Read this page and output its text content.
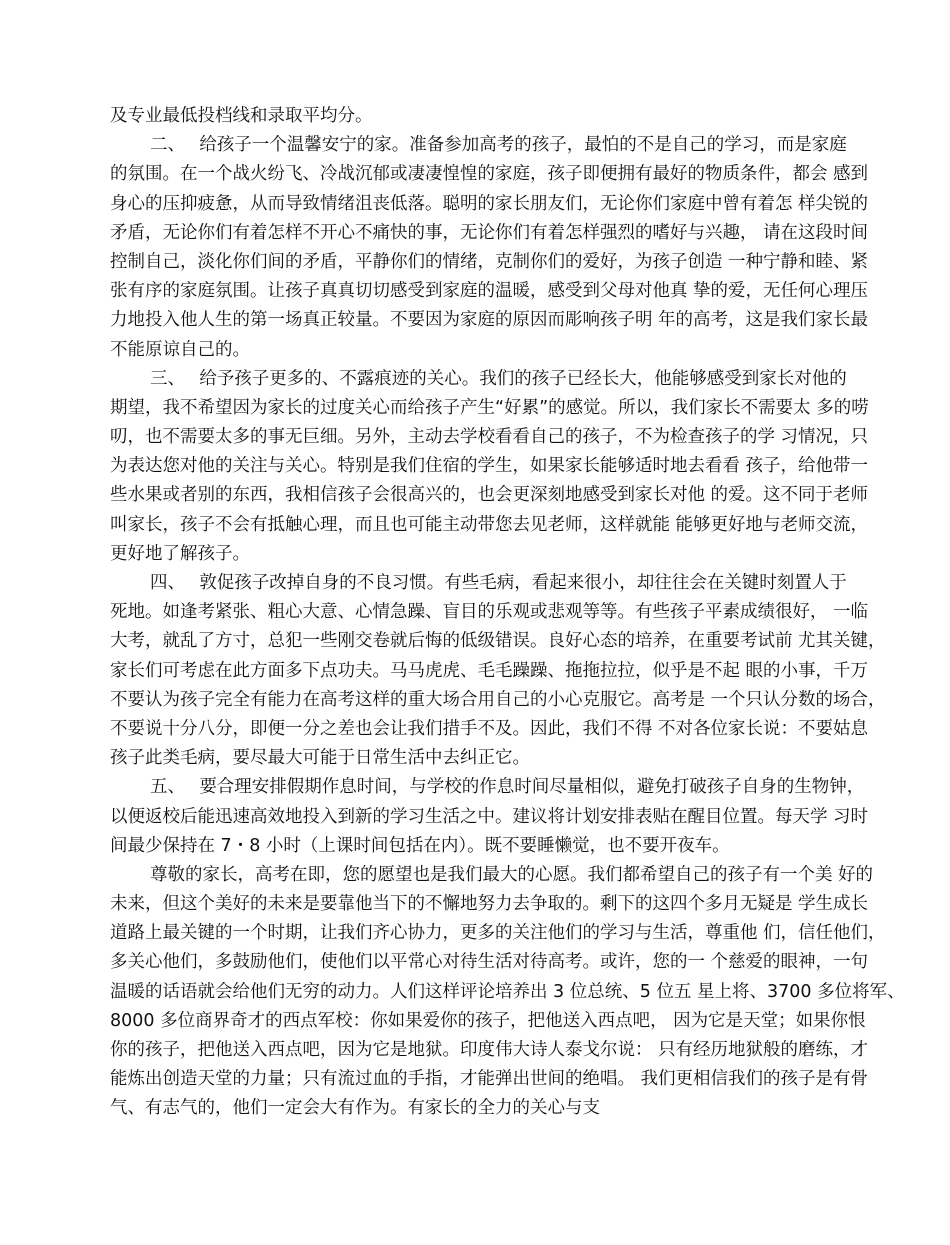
及专业最低投档线和录取平均分。
二、　 给孩子一个温馨安宁的家。准备参加高考的孩子，最怕的不是自己的学习，而是家庭
的氛围。在一个战火纷飞、冷战沉郁或凄凄惶惶的家庭，孩子即便拥有最好的物质条件，都会 感到
身心的压抑疲惫，从而导致情绪沮丧低落。聪明的家长朋友们，无论你们家庭中曾有着怎 样尖锐的
矛盾，无论你们有着怎样不开心不痛快的事，无论你们有着怎样强烈的嗜好与兴趣， 请在这段时间
控制自己，淡化你们间的矛盾，平静你们的情绪，克制你们的爱好，为孩子创造 一种宁静和睦、紧
张有序的家庭氛围。让孩子真真切切感受到家庭的温暖，感受到父母对他真 挚的爱，无任何心理压
力地投入他人生的第一场真正较量。不要因为家庭的原因而彫响孩子明 年的高考，这是我们家长最
不能原谅自己的。
三、　 给予孩子更多的、不露痕迹的关心。我们的孩子已经长大，他能够感受到家长对他的
期望，我不希望因为家长的过度关心而给孩子产生“好累”的感觉。所以，我们家长不需要太 多的唠
叨，也不需要太多的事无巨细。另外，主动去学校看看自己的孩子，不为检查孩子的学 习情况，只
为表达您对他的关注与关心。特别是我们住宿的学生，如果家长能够适时地去看看 孩子，给他带一
些水果或者别的东西，我相信孩子会很高兴的，也会更深刻地感受到家长对他 的爱。这不同于老师
叫家长，孩子不会有抵触心理，而且也可能主动带您去见老师，这样就能 能够更好地与老师交流，
更好地了解孩子。
四、　 敦促孩子改掉自身的不良习惯。有些毛病，看起来很小，却往往会在关键时刻置人于
死地。如逢考紧张、粗心大意、心情急躁、盲目的乐观或悲观等等。有些孩子平素成绩很好， 一临
大考，就乱了方寸，总犯一些刚交卷就后悔的低级错误。良好心态的培养，在重要考试前 尤其关键，
家长们可考虑在此方面多下点功夫。马马虎虎、毛毛躁躁、拖拖拉拉，似乎是不起 眼的小事，千万
不要认为孩子完全有能力在高考这样的重大场合用自己的小心克服它。高考是 一个只认分数的场合，
不要说十分八分，即便一分之差也会让我们措手不及。因此，我们不得 不对各位家长说：不要姑息
孩子此类毛病，要尽最大可能于日常生活中去纠正它。
五、　 要合理安排假期作息时间，与学校的作息时间尽量相似，避免打破孩子自身的生物钟，
以便返校后能迅速高效地投入到新的学习生活之中。建议将计划安排表贴在醒目位置。每天学 习时
间最少保持在 7・8 小时（上课时间包括在内）。既不要睡懒觉，也不要开夜车。
尊敬的家长，高考在即，您的愿望也是我们最大的心愿。我们都希望自己的孩子有一个美 好的
未来，但这个美好的未来是要靠他当下的不懈地努力去争取的。剩下的这四个多月无疑是 学生成长
道路上最关键的一个时期，让我们齐心协力，更多的关注他们的学习与生活，尊重他 们，信任他们，
多关心他们，多鼓励他们，使他们以平常心对待生活对待高考。或许，您的一 个慈爱的眼神，一句
温暖的话语就会给他们无穷的动力。人们这样评论培养出 3 位总统、5 位五 星上将、3700 多位将军、
8000 多位商界奇才的西点军校：你如果爱你的孩子，把他送入西点吧， 因为它是天堂；如果你恨
你的孩子，把他送入西点吧，因为它是地狱。印度伟大诗人泰戈尔说： 只有经历地狱般的磨练，才
能炼出创造天堂的力量；只有流过血的手指，才能弹出世间的绝唱。 我们更相信我们的孩子是有骨
气、有志气的，他们一定会大有作为。有家长的全力的关心与支
